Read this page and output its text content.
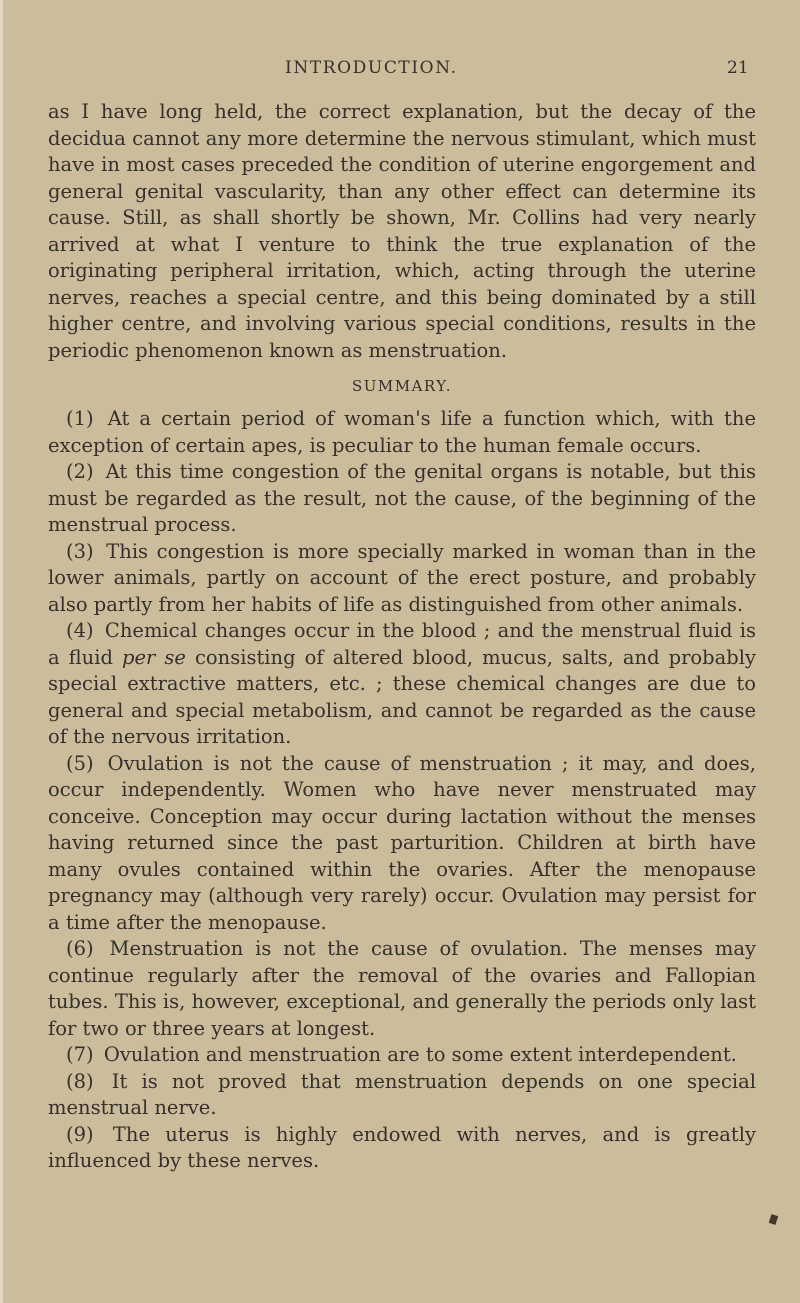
INTRODUCTION.	21

as I have long held, the correct explanation, but the decay of the decidua cannot any more determine the nervous stimulant, which must have in most cases preceded the condition of uterine engorgement and general genital vascularity, than any other effect can determine its cause. Still, as shall shortly be shown, Mr. Collins had very nearly arrived at what I venture to think the true explanation of the originating peripheral irritation, which, acting through the uterine nerves, reaches a special centre, and this being dominated by a still higher centre, and involving various special conditions, results in the periodic phenomenon known as menstruation.

SUMMARY.

(1) At a certain period of woman's life a function which, with the exception of certain apes, is peculiar to the human female occurs.

(2) At this time congestion of the genital organs is notable, but this must be regarded as the result, not the cause, of the beginning of the menstrual process.

(3) This congestion is more specially marked in woman than in the lower animals, partly on account of the erect posture, and probably also partly from her habits of life as distinguished from other animals.

(4) Chemical changes occur in the blood ; and the menstrual fluid is a fluid per se consisting of altered blood, mucus, salts, and probably special extractive matters, etc. ; these chemical changes are due to general and special metabolism, and cannot be regarded as the cause of the nervous irritation.

(5) Ovulation is not the cause of menstruation ; it may, and does, occur independently. Women who have never menstruated may conceive. Conception may occur during lactation without the menses having returned since the past parturition. Children at birth have many ovules contained within the ovaries. After the menopause pregnancy may (although very rarely) occur. Ovulation may persist for a time after the menopause.

(6) Menstruation is not the cause of ovulation. The menses may continue regularly after the removal of the ovaries and Fallopian tubes. This is, however, exceptional, and generally the periods only last for two or three years at longest.

(7) Ovulation and menstruation are to some extent interdependent.

(8) It is not proved that menstruation depends on one special menstrual nerve.

(9) The uterus is highly endowed with nerves, and is greatly influenced by these nerves.
